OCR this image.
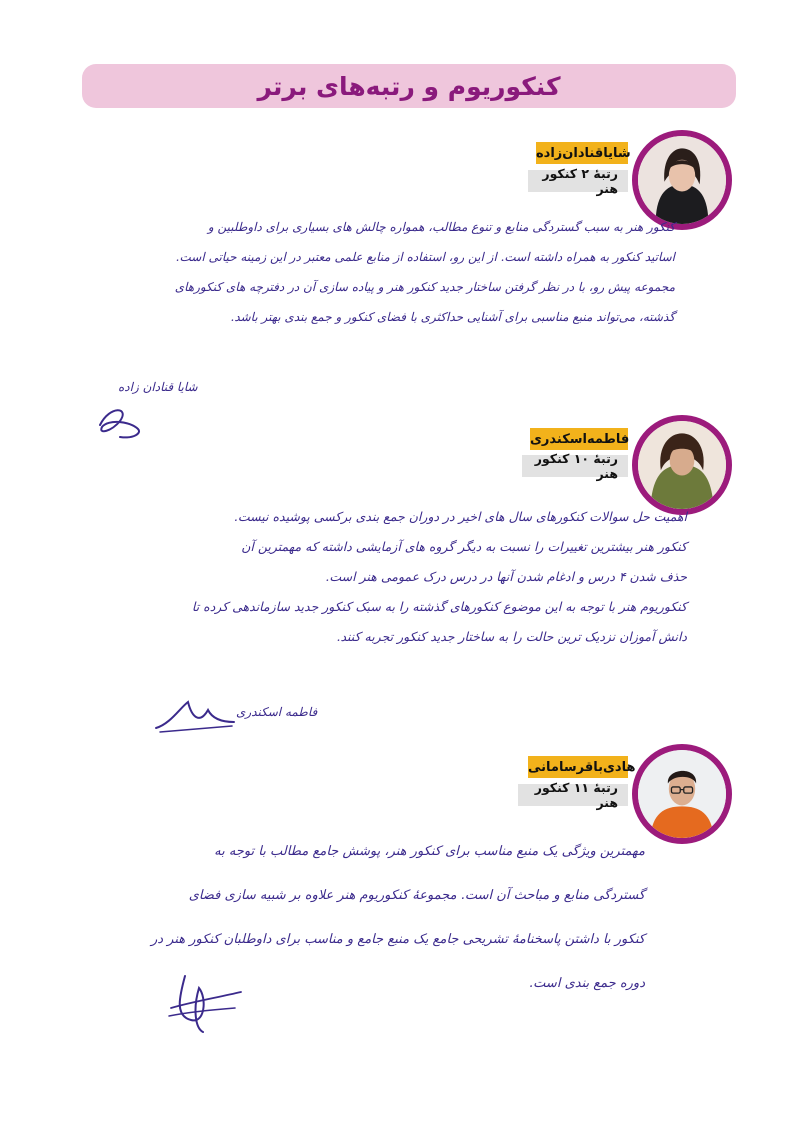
کنکوریوم و رتبه‌های برتر
شایاقنادان‌زاده
رتبهٔ ۲ کنکور هنر

کنکور هنر به سبب گستردگی منابع و تنوع مطالب، همواره چالش های بسیاری برای داوطلبین و

اساتید کنکور به همراه داشته است. از این رو، استفاده از منابع علمی معتبر در این زمینه حیاتی است.

مجموعه پیش رو، با در نظر گرفتن ساختار جدید کنکور هنر و پیاده سازی آن در دفترچه های کنکورهای

گذشته، می‌تواند منبع مناسبی برای آشنایی حداکثری با فضای کنکور و جمع بندی بهتر باشد.

شایا قنادان زاده
فاطمه‌اسکندری
رتبهٔ ۱۰ کنکور هنر

اهمیت حل سوالات کنکورهای سال های اخیر در دوران جمع بندی برکسی پوشیده نیست.

کنکور هنر بیشترین تغییرات را نسبت به دیگر گروه های آزمایشی داشته که مهمترین آن

حذف شدن ۴ درس و ادغام شدن آنها در درس درک عمومی هنر است.

کنکوریوم هنر با توجه به این موضوع کنکورهای گذشته را به سبک کنکور جدید سازماندهی کرده تا

دانش آموزان نزدیک ترین حالت را به ساختار جدید کنکور تجربه کنند.

فاطمه اسکندری
هادی‌باقرسامانی
رتبهٔ ۱۱ کنکور هنر

مهمترین ویژگی یک منبع مناسب برای کنکور هنر، پوشش جامع مطالب با توجه به

گستردگی منابع و مباحث آن است. مجموعهٔ کنکوریوم هنر علاوه بر شبیه سازی فضای

کنکور با داشتن پاسخنامهٔ تشریحی جامع یک منبع جامع و مناسب برای داوطلبان کنکور هنر در

دوره جمع بندی است.
